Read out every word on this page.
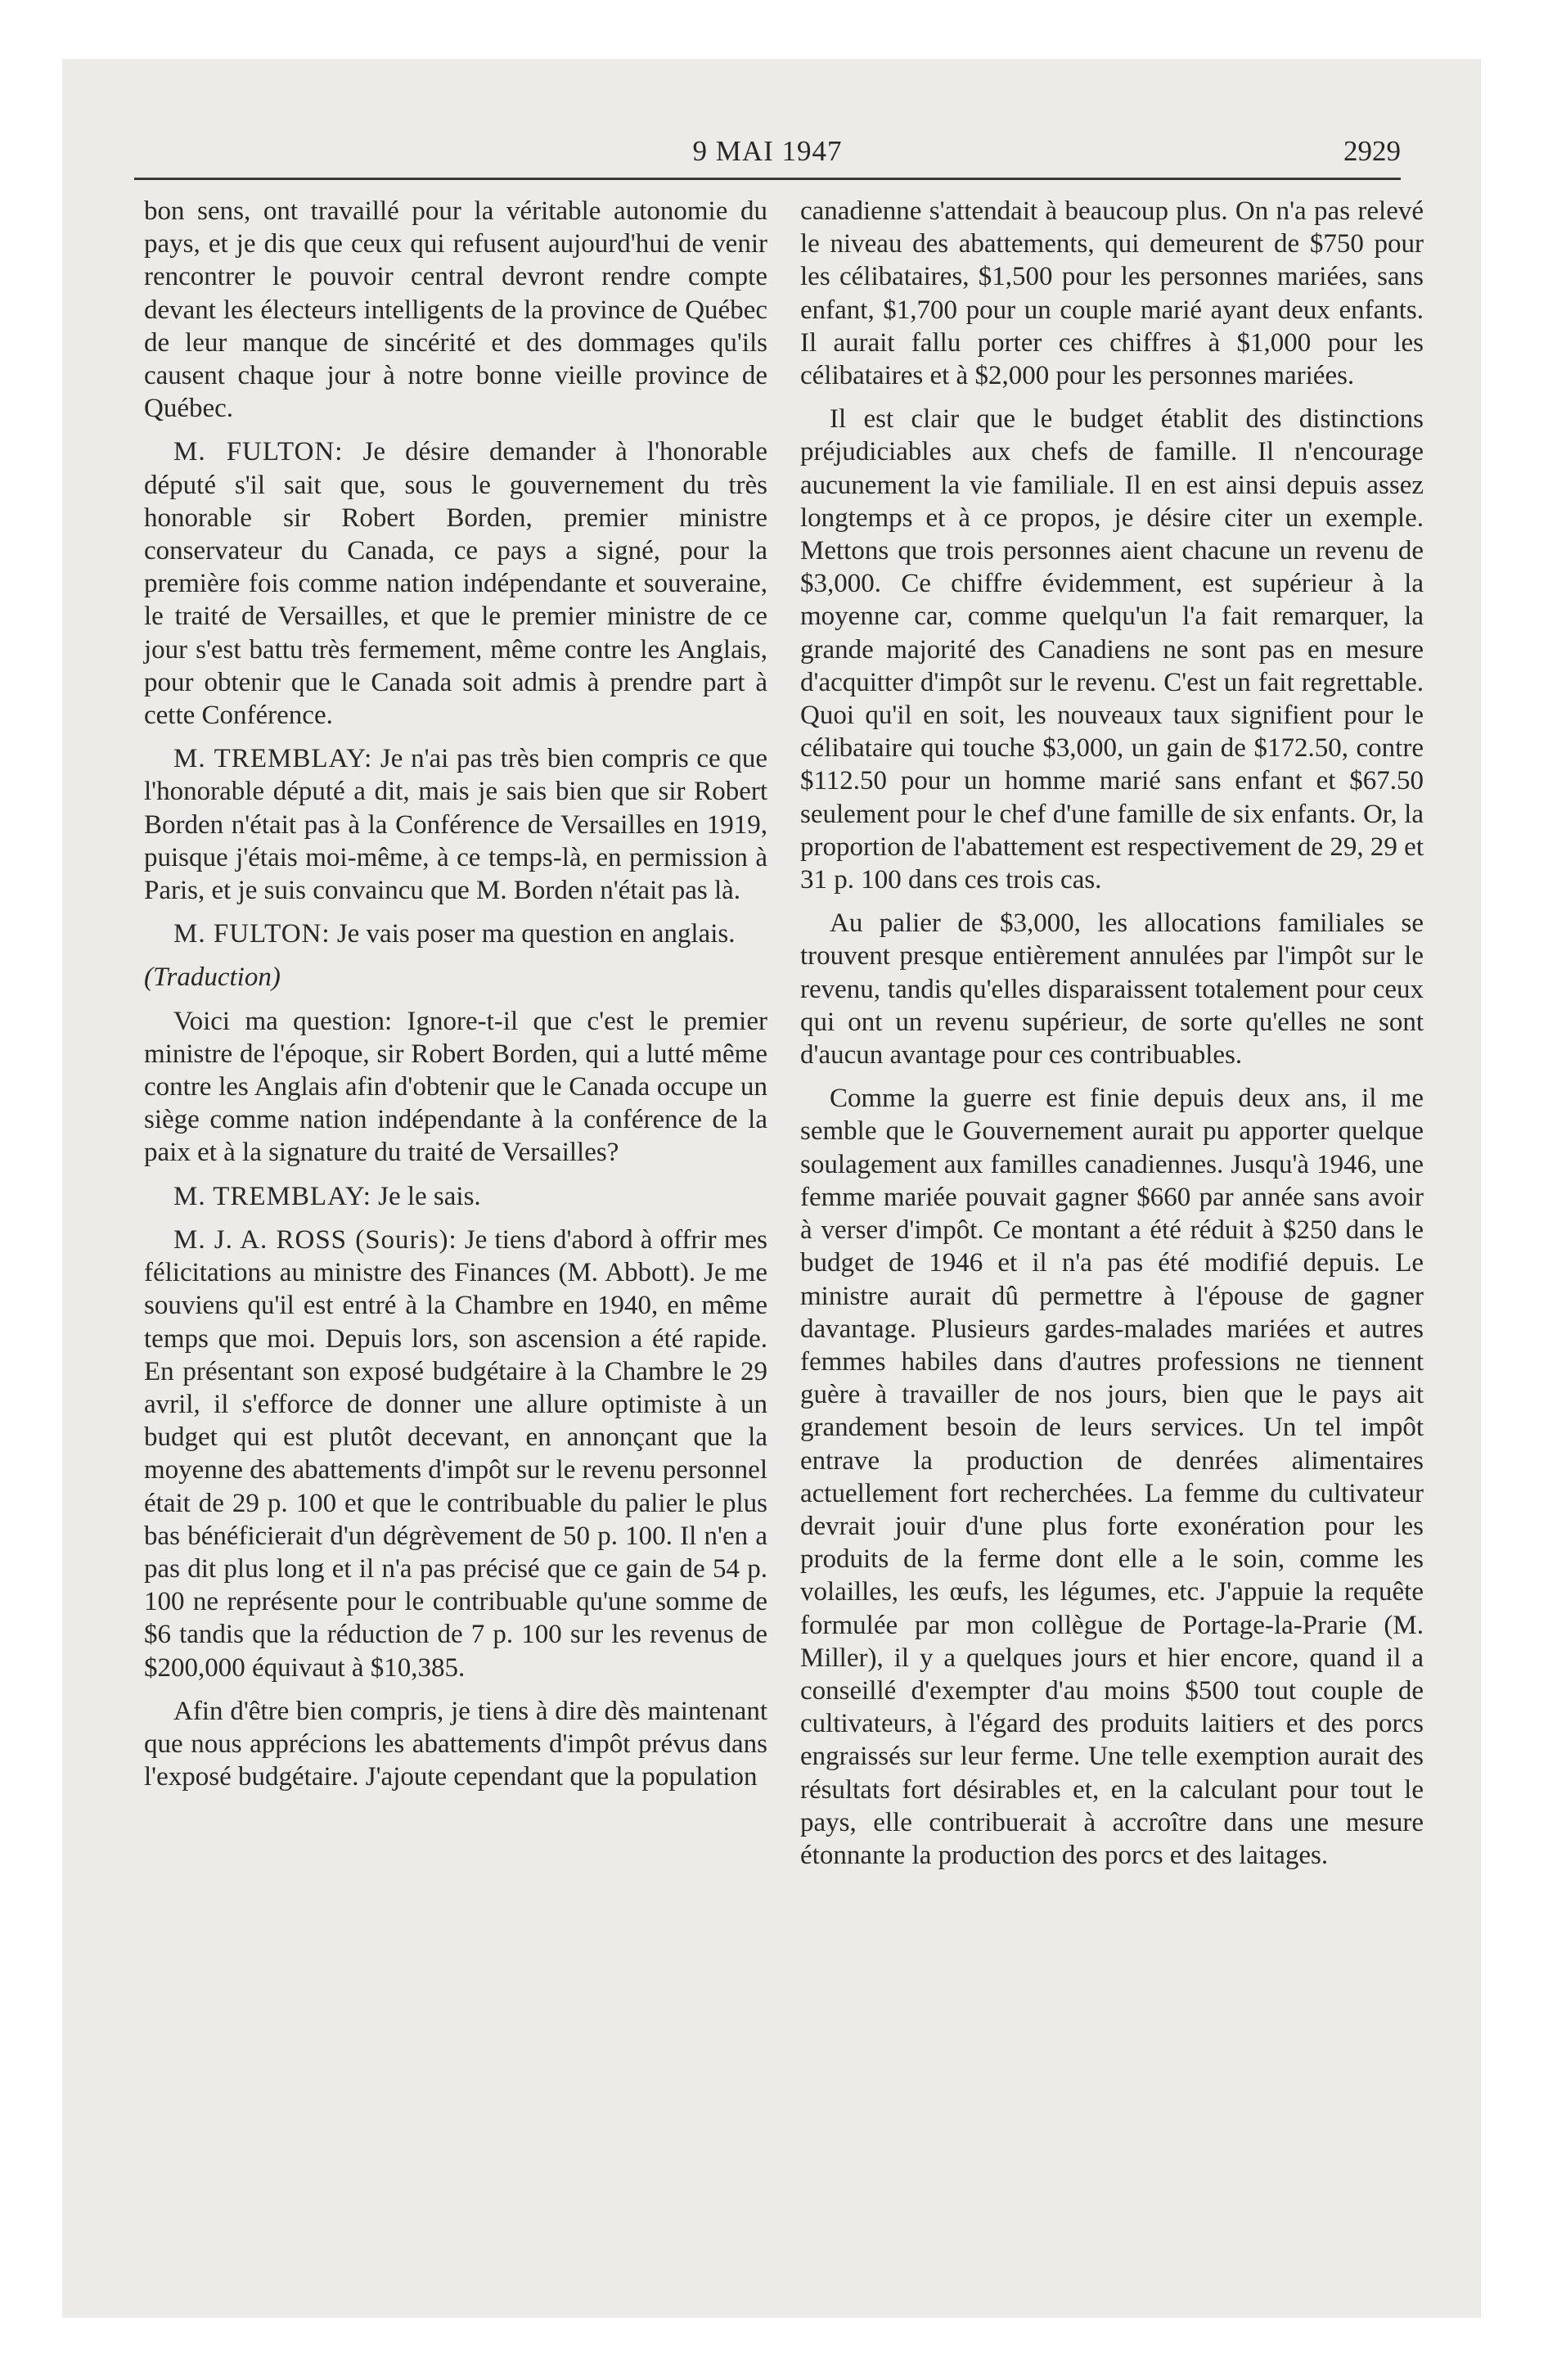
9 MAI 1947	2929

bon sens, ont travaillé pour la véritable autonomie du pays, et je dis que ceux qui refusent aujourd'hui de venir rencontrer le pouvoir central devront rendre compte devant les électeurs intelligents de la province de Québec de leur manque de sincérité et des dommages qu'ils causent chaque jour à notre bonne vieille province de Québec.

M. FULTON: Je désire demander à l'honorable député s'il sait que, sous le gouvernement du très honorable sir Robert Borden, premier ministre conservateur du Canada, ce pays a signé, pour la première fois comme nation indépendante et souveraine, le traité de Versailles, et que le premier ministre de ce jour s'est battu très fermement, même contre les Anglais, pour obtenir que le Canada soit admis à prendre part à cette Conférence.

M. TREMBLAY: Je n'ai pas très bien compris ce que l'honorable député a dit, mais je sais bien que sir Robert Borden n'était pas à la Conférence de Versailles en 1919, puisque j'étais moi-même, à ce temps-là, en permission à Paris, et je suis convaincu que M. Borden n'était pas là.

M. FULTON: Je vais poser ma question en anglais.

(Traduction)

Voici ma question: Ignore-t-il que c'est le premier ministre de l'époque, sir Robert Borden, qui a lutté même contre les Anglais afin d'obtenir que le Canada occupe un siège comme nation indépendante à la conférence de la paix et à la signature du traité de Versailles?

M. TREMBLAY: Je le sais.

M. J. A. ROSS (Souris): Je tiens d'abord à offrir mes félicitations au ministre des Finances (M. Abbott). Je me souviens qu'il est entré à la Chambre en 1940, en même temps que moi. Depuis lors, son ascension a été rapide. En présentant son exposé budgétaire à la Chambre le 29 avril, il s'efforce de donner une allure optimiste à un budget qui est plutôt decevant, en annonçant que la moyenne des abattements d'impôt sur le revenu personnel était de 29 p. 100 et que le contribuable du palier le plus bas bénéficierait d'un dégrèvement de 50 p. 100. Il n'en a pas dit plus long et il n'a pas précisé que ce gain de 54 p. 100 ne représente pour le contribuable qu'une somme de $6 tandis que la réduction de 7 p. 100 sur les revenus de $200,000 équivaut à $10,385.

Afin d'être bien compris, je tiens à dire dès maintenant que nous apprécions les abattements d'impôt prévus dans l'exposé budgétaire. J'ajoute cependant que la population

canadienne s'attendait à beaucoup plus. On n'a pas relevé le niveau des abattements, qui demeurent de $750 pour les célibataires, $1,500 pour les personnes mariées, sans enfant, $1,700 pour un couple marié ayant deux enfants. Il aurait fallu porter ces chiffres à $1,000 pour les célibataires et à $2,000 pour les personnes mariées.

Il est clair que le budget établit des distinctions préjudiciables aux chefs de famille. Il n'encourage aucunement la vie familiale. Il en est ainsi depuis assez longtemps et à ce propos, je désire citer un exemple. Mettons que trois personnes aient chacune un revenu de $3,000. Ce chiffre évidemment, est supérieur à la moyenne car, comme quelqu'un l'a fait remarquer, la grande majorité des Canadiens ne sont pas en mesure d'acquitter d'impôt sur le revenu. C'est un fait regrettable. Quoi qu'il en soit, les nouveaux taux signifient pour le célibataire qui touche $3,000, un gain de $172.50, contre $112.50 pour un homme marié sans enfant et $67.50 seulement pour le chef d'une famille de six enfants. Or, la proportion de l'abattement est respectivement de 29, 29 et 31 p. 100 dans ces trois cas.

Au palier de $3,000, les allocations familiales se trouvent presque entièrement annulées par l'impôt sur le revenu, tandis qu'elles disparaissent totalement pour ceux qui ont un revenu supérieur, de sorte qu'elles ne sont d'aucun avantage pour ces contribuables.

Comme la guerre est finie depuis deux ans, il me semble que le Gouvernement aurait pu apporter quelque soulagement aux familles canadiennes. Jusqu'à 1946, une femme mariée pouvait gagner $660 par année sans avoir à verser d'impôt. Ce montant a été réduit à $250 dans le budget de 1946 et il n'a pas été modifié depuis. Le ministre aurait dû permettre à l'épouse de gagner davantage. Plusieurs gardes-malades mariées et autres femmes habiles dans d'autres professions ne tiennent guère à travailler de nos jours, bien que le pays ait grandement besoin de leurs services. Un tel impôt entrave la production de denrées alimentaires actuellement fort recherchées. La femme du cultivateur devrait jouir d'une plus forte exonération pour les produits de la ferme dont elle a le soin, comme les volailles, les œufs, les légumes, etc. J'appuie la requête formulée par mon collègue de Portage-la-Prarie (M. Miller), il y a quelques jours et hier encore, quand il a conseillé d'exempter d'au moins $500 tout couple de cultivateurs, à l'égard des produits laitiers et des porcs engraissés sur leur ferme. Une telle exemption aurait des résultats fort désirables et, en la calculant pour tout le pays, elle contribuerait à accroître dans une mesure étonnante la production des porcs et des laitages.
